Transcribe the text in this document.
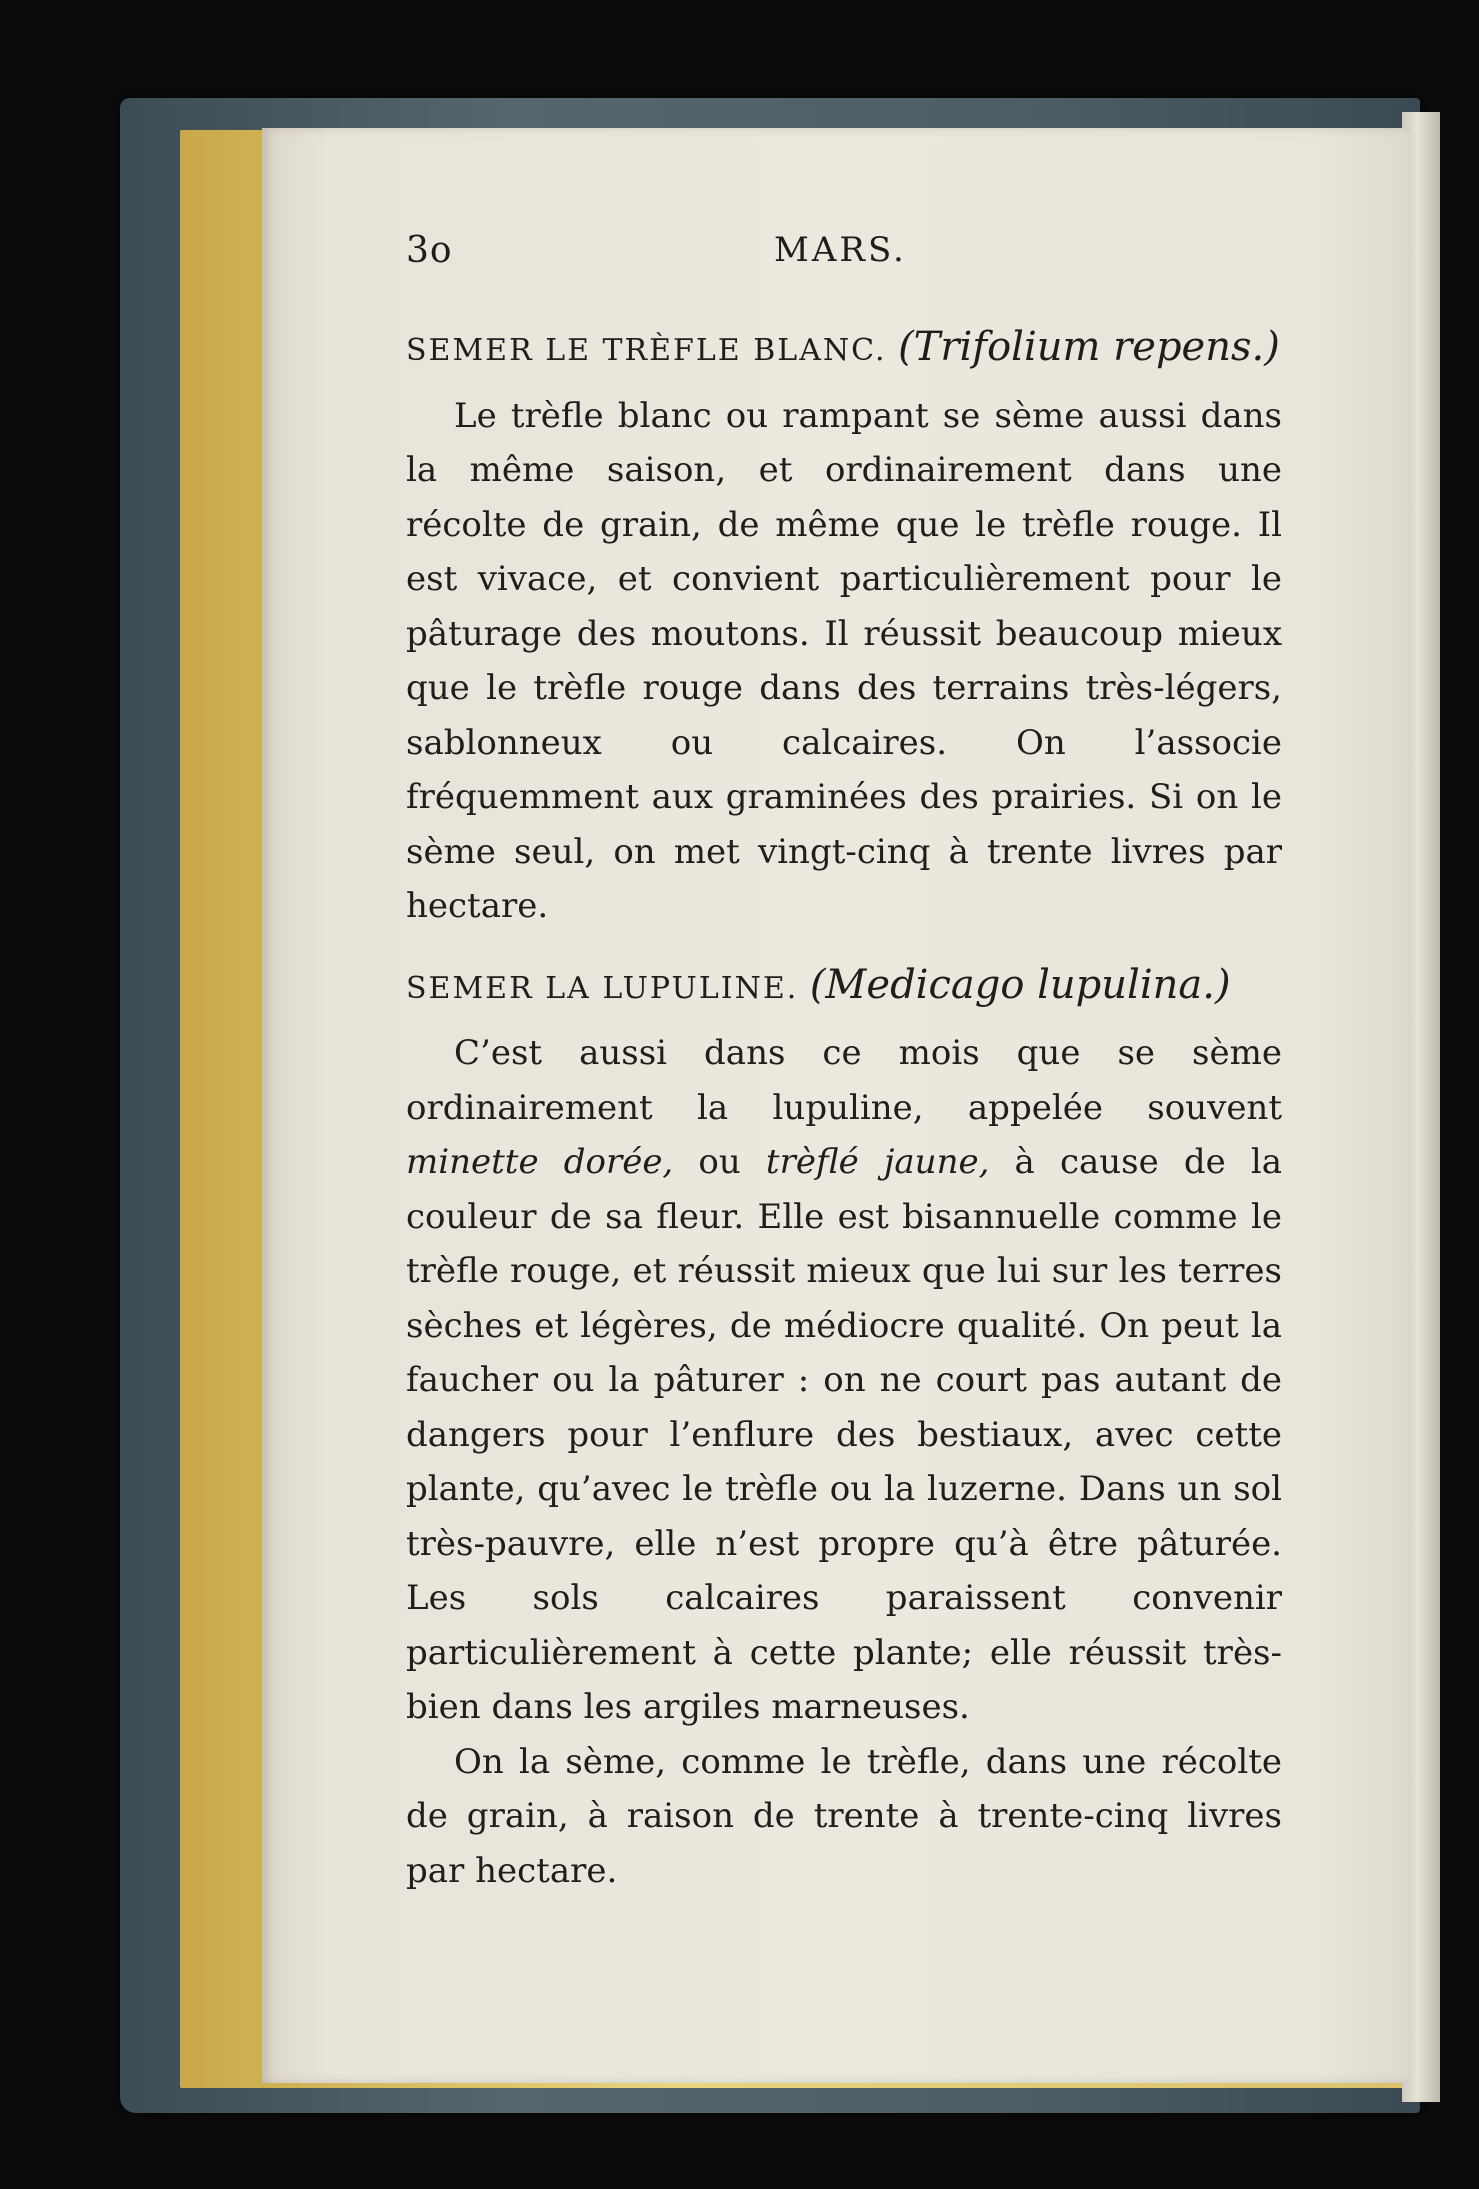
3o	MARS.
SEMER LE TRÈFLE BLANC. (Trifolium repens.)

Le trèfle blanc ou rampant se sème aussi dans la même saison, et ordinairement dans une récolte de grain, de même que le trèfle rouge. Il est vivace, et convient particulièrement pour le pâturage des moutons. Il réussit beaucoup mieux que le trèfle rouge dans des terrains très-légers, sablonneux ou calcaires. On l’associe fréquemment aux graminées des prairies. Si on le sème seul, on met vingt-cinq à trente livres par hectare.

SEMER LA LUPULINE. (Medicago lupulina.)

C’est aussi dans ce mois que se sème ordinairement la lupuline, appelée souvent minette dorée, ou trèflé jaune, à cause de la couleur de sa fleur. Elle est bisannuelle comme le trèfle rouge, et réussit mieux que lui sur les terres sèches et légères, de médiocre qualité. On peut la faucher ou la pâturer : on ne court pas autant de dangers pour l’enflure des bestiaux, avec cette plante, qu’avec le trèfle ou la luzerne. Dans un sol très-pauvre, elle n’est propre qu’à être pâturée. Les sols calcaires paraissent convenir particulièrement à cette plante; elle réussit très-bien dans les argiles marneuses.

On la sème, comme le trèfle, dans une récolte de grain, à raison de trente à trente-cinq livres par hectare.
